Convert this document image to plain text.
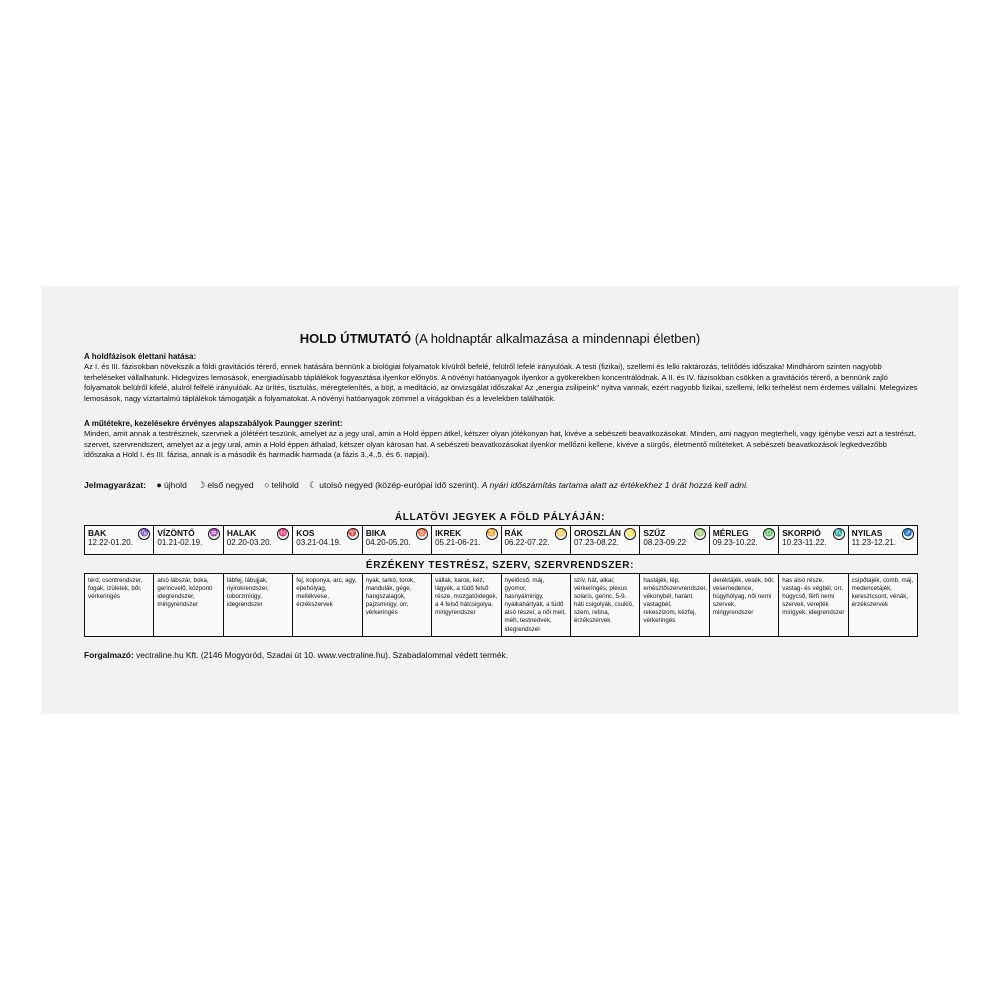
HOLD ÚTMUTATÓ (A holdnaptár alkalmazása a mindennapi életben)
A holdfázisok élettani hatása:
Az I. és III. fázisokban növekszik a földi gravitációs térerő, ennek hatására bennünk a biológiai folyamatok kívülről befelé, felülről lefelé irányulóak. A testi (fizikai), szellemi és lelki raktározás, telítődés időszaka! Mindhárom szinten nagyobb terheléseket vállalhatunk. Hidegvizes lemosások, energiadúsabb táplálékok fogyasztása ilyenkor előnyös. A növényi hatóanyagok ilyenkor a gyökerekben koncentrálódnak. A II. és IV. fázisokban csökken a gravitációs térerő, a bennünk zajló folyamatok belülről kifelé, alulról felfelé irányulóak. Az ürítés, tisztulás, méregtelenítés, a böjt, a meditáció, az önvizsgálat időszaka! Az „energia zsilipeink" nyitva vannak, ezért nagyobb fizikai, szellemi, lelki terhelést nem érdemes vállalni. Melegvizes lemosások, nagy víztartalmú táplálékok támogatják a folyamatokat. A növényi hatóanyagok zömmel a virágokban és a levelekben találhatók.
A műtétekre, kezelésekre érvényes alapszabályok Paungger szerint:
Minden, amit annak a testrésznek, szervnek a jólétéért teszünk, amelyet az a jegy ural, amin a Hold éppen átkel, kétszer olyan jótékonyan hat, kivéve a sebészeti beavatkozásokat. Minden, ami nagyon megterheli, vagy igénybe veszi azt a testrészt, szervet, szervrendszert, amelyet az a jegy ural, amin a Hold éppen áthalad, kétszer olyan károsan hat. A sebészeti beavatkozásokat ilyenkor mellőzni kellene, kivéve a sürgős, életmentő műtéteket. A sebészeti beavatkozások legkedvezőbb időszaka a Hold I. és III. fázisa, annak is a második és harmadik harmada (a fázis 3.,4.,5. és 6. napjai).
Jelmagyarázat: ● újhold ☽ első negyed ○ telihold ☾ utolsó negyed (közép-európai idő szerint). A nyári időszámítás tartama alatt az értékekhez 1 órát hozzá kell adni.
ÁLLATÖVI JEGYEK A FÖLD PÁLYÁJÁN:
BAK
12.22-01.20.
♑ VÍZÖNTŐ
01.21-02.19.
♒ HALAK
02.20-03.20.
♓ KOS
03.21-04.19.
♈ BIKA
04.20-05.20.
♉ IKREK
05.21-06-21.
♊ RÁK
06.22-07.22.
♋ OROSZLÁN
07.23-08.22.
♌ SZŰZ
08.23-09.22
♍ MÉRLEG
09.23-10.22.
♎ SKORPIÓ
10.23-11.22.
♏ NYILAS
11.23-12.21.
♐
ÉRZÉKENY TESTRÉSZ, SZERV, SZERVRENDSZER:
térd, csontrendszer, fogak, ízületek, bőr, vérkeringés
alsó lábszár, boka, gerincvelő, központi idegrendszer, mirigyrendszer
lábfej, lábujjak, nyirokrendszer, toborzmirigy, idegrendszer
fej, koponya, arc, agy, epehólyag, mellékvese, érzékszervek
nyak, tarkó, torok, mandulák, gége, hangszalagok, pajzsmirigy, orr, vérkeringés
vállak, karok, kéz, lágyék, a tüdő felső része, mozgatóidegek, a 4 felső hátcsigolya, mirigyrendszer
nyelőcső, máj, gyomor, hasnyálmirigy, nyálkahártyák, a tüdő alsó részei, a női mell, méh, testnedvek, idegrendszer
szív, hát, alkar, vérkeringés, plexus solaris, gerinc, 5-9. háti csigolyák, csukló, szem, retina, érzékszervek
hastájék, lép, emésztőszervrendszer, vékonybél, haránt vastagbél, rekeszizom, kézfej, vérkeringés
deréktájék, vesék, bőr, vesemedence, húgyhólyag, női nemi szervek, mirigyrendszer
has alsó része, vastag- és végbél, orr, húgycső, férfi nemi szervek, verejték mirigyek, idegrendszer
csípőtájék, comb, máj, medencetájék, keresztcsont, vénák, érzékszervek
Forgalmazó: vectraline.hu Kft. (2146 Mogyoród, Szadai út 10. www.vectraline.hu). Szabadalommal védett termék.
